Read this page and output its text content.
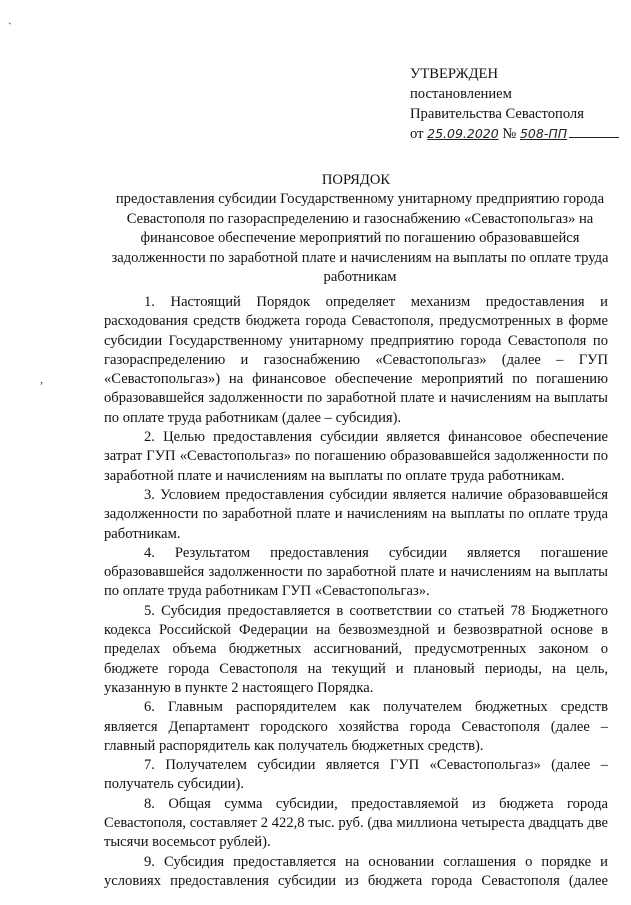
`
,
УТВЕРЖДЕН
постановлением
Правительства Севастополя
от 25.09.2020 № 508-ПП
ПОРЯДОК
предоставления субсидии Государственному унитарному предприятию города Севастополя по газораспределению и газоснабжению «Севастопольгаз» на финансовое обеспечение мероприятий по погашению образовавшейся задолженности по заработной плате и начислениям на выплаты по оплате труда работникам

1. Настоящий Порядок определяет механизм предоставления и расходования средств бюджета города Севастополя, предусмотренных в форме субсидии Государственному унитарному предприятию города Севастополя по газораспределению и газоснабжению «Севастопольгаз» (далее – ГУП «Севастопольгаз») на финансовое обеспечение мероприятий по погашению образовавшейся задолженности по заработной плате и начислениям на выплаты по оплате труда работникам (далее – субсидия).

2. Целью предоставления субсидии является финансовое обеспечение затрат ГУП «Севастопольгаз» по погашению образовавшейся задолженности по заработной плате и начислениям на выплаты по оплате труда работникам.

3. Условием предоставления субсидии является наличие образовавшейся задолженности по заработной плате и начислениям на выплаты по оплате труда работникам.

4. Результатом предоставления субсидии является погашение образовавшейся задолженности по заработной плате и начислениям на выплаты по оплате труда работникам ГУП «Севастопольгаз».

5. Субсидия предоставляется в соответствии со статьей 78 Бюджетного кодекса Российской Федерации на безвозмездной и безвозвратной основе в пределах объема бюджетных ассигнований, предусмотренных законом о бюджете города Севастополя на текущий и плановый периоды, на цель, указанную в пункте 2 настоящего Порядка.

6. Главным распорядителем как получателем бюджетных средств является Департамент городского хозяйства города Севастополя (далее – главный распорядитель как получатель бюджетных средств).

7. Получателем субсидии является ГУП «Севастопольгаз» (далее – получатель субсидии).

8. Общая сумма субсидии, предоставляемой из бюджета города Севастополя, составляет 2 422,8 тыс. руб. (два миллиона четыреста двадцать две тысячи восемьсот рублей).

9. Субсидия предоставляется на основании соглашения о порядке и условиях предоставления субсидии из бюджета города Севастополя (далее
